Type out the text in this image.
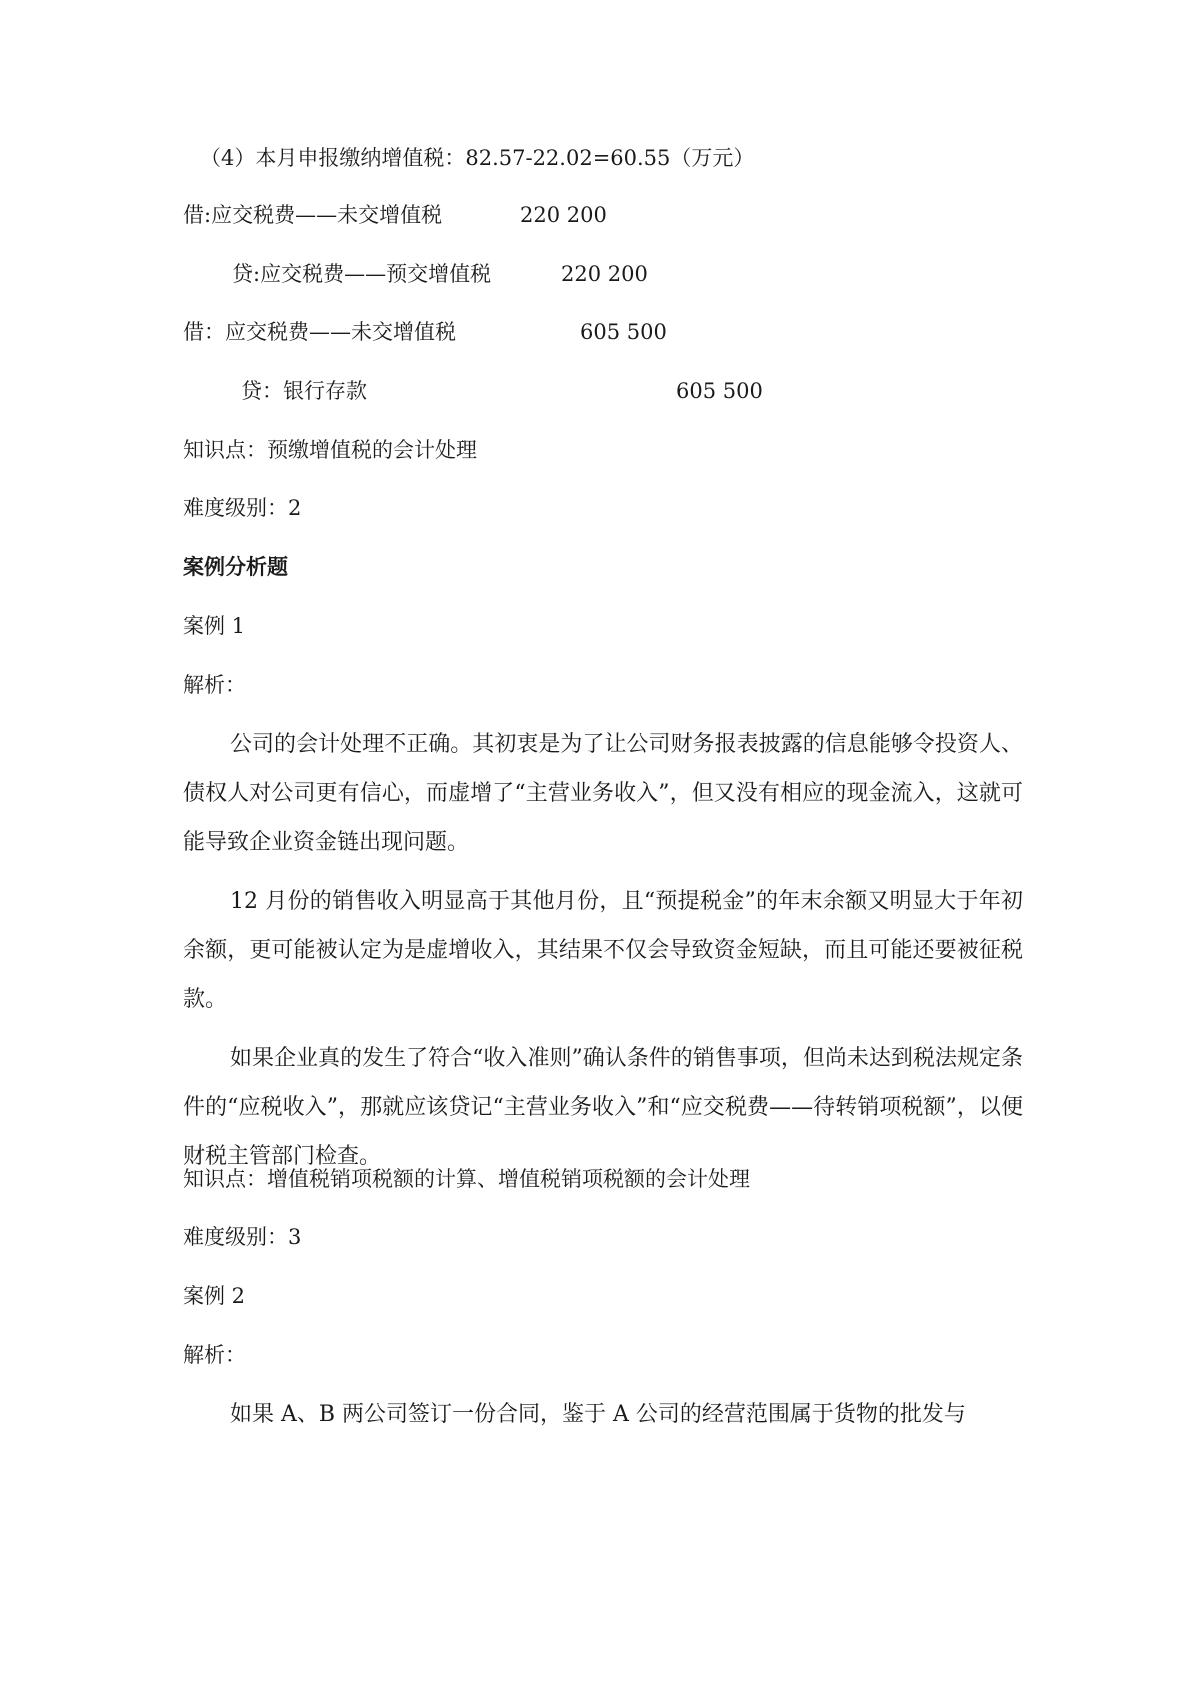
（4）本月申报缴纳增值税：82.57-22.02=60.55（万元）
借:应交税费——未交增值税	220 200
贷:应交税费——预交增值税	220 200
借：应交税费——未交增值税	605 500
贷：银行存款	605 500
知识点：预缴增值税的会计处理
难度级别：2
案例分析题
案例 1
解析：
公司的会计处理不正确。其初衷是为了让公司财务报表披露的信息能够令投资人、债权人对公司更有信心，而虚增了“主营业务收入”，但又没有相应的现金流入，这就可能导致企业资金链出现问题。
12 月份的销售收入明显高于其他月份，且“预提税金”的年末余额又明显大于年初余额，更可能被认定为是虚增收入，其结果不仅会导致资金短缺，而且可能还要被征税款。
如果企业真的发生了符合“收入准则”确认条件的销售事项，但尚未达到税法规定条件的“应税收入”，那就应该贷记“主营业务收入”和“应交税费——待转销项税额”，以便财税主管部门检查。
知识点：增值税销项税额的计算、增值税销项税额的会计处理
难度级别：3
案例 2
解析：
如果 A、B 两公司签订一份合同，鉴于 A 公司的经营范围属于货物的批发与
